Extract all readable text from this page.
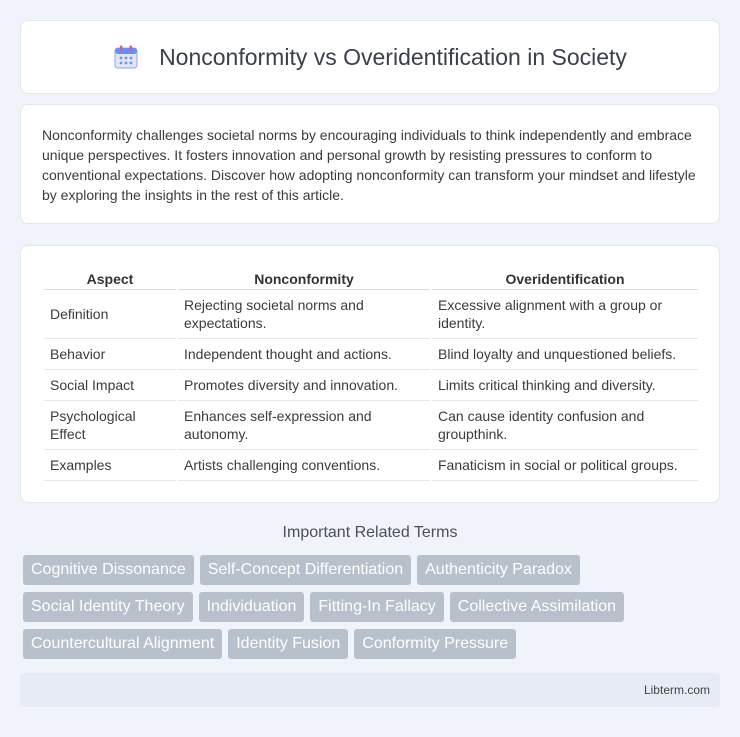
Nonconformity vs Overidentification in Society

Nonconformity challenges societal norms by encouraging individuals to think independently and embrace unique perspectives. It fosters innovation and personal growth by resisting pressures to conform to conventional expectations. Discover how adopting nonconformity can transform your mindset and lifestyle by exploring the insights in the rest of this article.

Aspect	Nonconformity	Overidentification
Definition	Rejecting societal norms and expectations.	Excessive alignment with a group or identity.
Behavior	Independent thought and actions.	Blind loyalty and unquestioned beliefs.
Social Impact	Promotes diversity and innovation.	Limits critical thinking and diversity.
Psychological Effect	Enhances self-expression and autonomy.	Can cause identity confusion and groupthink.
Examples	Artists challenging conventions.	Fanaticism in social or political groups.
Important Related Terms
Cognitive Dissonance	Self-Concept Differentiation	Authenticity Paradox
Social Identity Theory	Individuation	Fitting-In Fallacy	Collective Assimilation
Countercultural Alignment	Identity Fusion	Conformity Pressure
Libterm.com
